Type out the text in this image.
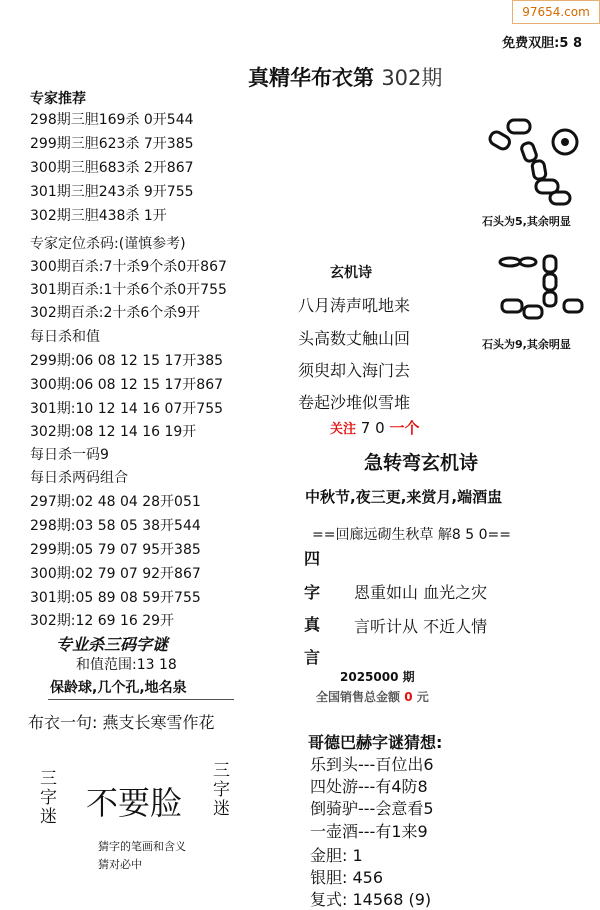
97654.com
免费双胆:5 8
真精华布衣第 302期
专家推荐
298期三胆169杀 0开544
299期三胆623杀 7开385
300期三胆683杀 2开867
301期三胆243杀 9开755
302期三胆438杀 1开
专家定位杀码:(谨慎参考)
300期百杀:7十杀9个杀0开867
301期百杀:1十杀6个杀0开755
302期百杀:2十杀6个杀9开
每日杀和值
299期:06 08 12 15 17开385
300期:06 08 12 15 17开867
301期:10 12 14 16 07开755
302期:08 12 14 16 19开
每日杀一码9
每日杀两码组合
297期:02 48 04 28开051
298期:03 58 05 38开544
299期:05 79 07 95开385
300期:02 79 07 92开867
301期:05 89 08 59开755
302期:12 69 16 29开
专业杀三码字谜
和值范围:13 18
保龄球,几个孔,地名泉
布衣一句: 燕支长寒雪作花
三字迷 不要脸
三字迷
猜字的笔画和含义
猜对必中
石头为5,其余明显
石头为9,其余明显
玄机诗
八月涛声吼地来
头高数丈触山回
须臾却入海门去
卷起沙堆似雪堆
关注 7 0 一个
急转弯玄机诗
中秋节,夜三更,来赏月,端酒盅
==回廊远砌生秋草 解8 5 0==
四
字
真
言
恩重如山 血光之灾
言听计从 不近人情
2025000 期
全国销售总金额 0 元
哥德巴赫字谜猜想:
乐到头---百位出6
四处游---有4防8
倒骑驴---会意看5
一壶酒---有1来9
金胆: 1
银胆: 456
复式: 14568 (9)
